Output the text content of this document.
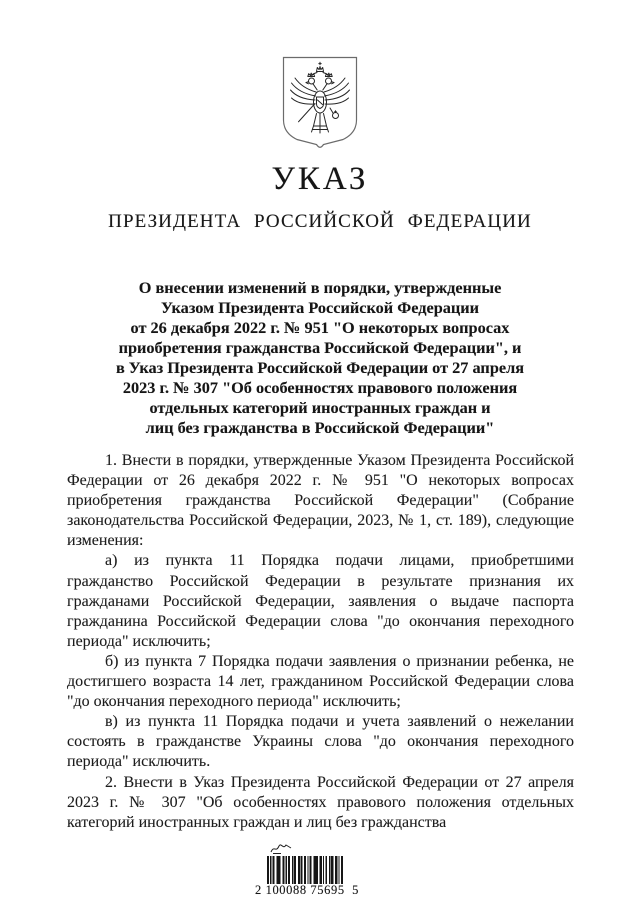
УКАЗ
ПРЕЗИДЕНТА РОССИЙСКОЙ ФЕДЕРАЦИИ
О внесении изменений в порядки, утвержденные
Указом Президента Российской Федерации
от 26 декабря 2022 г. № 951 "О некоторых вопросах
приобретения гражданства Российской Федерации", и
в Указ Президента Российской Федерации от 27 апреля
2023 г. № 307 "Об особенностях правового положения
отдельных категорий иностранных граждан и
лиц без гражданства в Российской Федерации"

1. Внести в порядки, утвержденные Указом Президента Российской Федерации от 26 декабря 2022 г. № 951 "О некоторых вопросах приобретения гражданства Российской Федерации" (Собрание законодательства Российской Федерации, 2023, № 1, ст. 189), следующие изменения:

а) из пункта 11 Порядка подачи лицами, приобретшими гражданство Российской Федерации в результате признания их гражданами Российской Федерации, заявления о выдаче паспорта гражданина Российской Федерации слова "до окончания переходного периода" исключить;

б) из пункта 7 Порядка подачи заявления о признании ребенка, не достигшего возраста 14 лет, гражданином Российской Федерации слова "до окончания переходного периода" исключить;

в) из пункта 11 Порядка подачи и учета заявлений о нежелании состоять в гражданстве Украины слова "до окончания переходного периода" исключить.

2. Внести в Указ Президента Российской Федерации от 27 апреля 2023 г. № 307 "Об особенностях правового положения отдельных категорий иностранных граждан и лиц без гражданства

2 100088 75695  5
